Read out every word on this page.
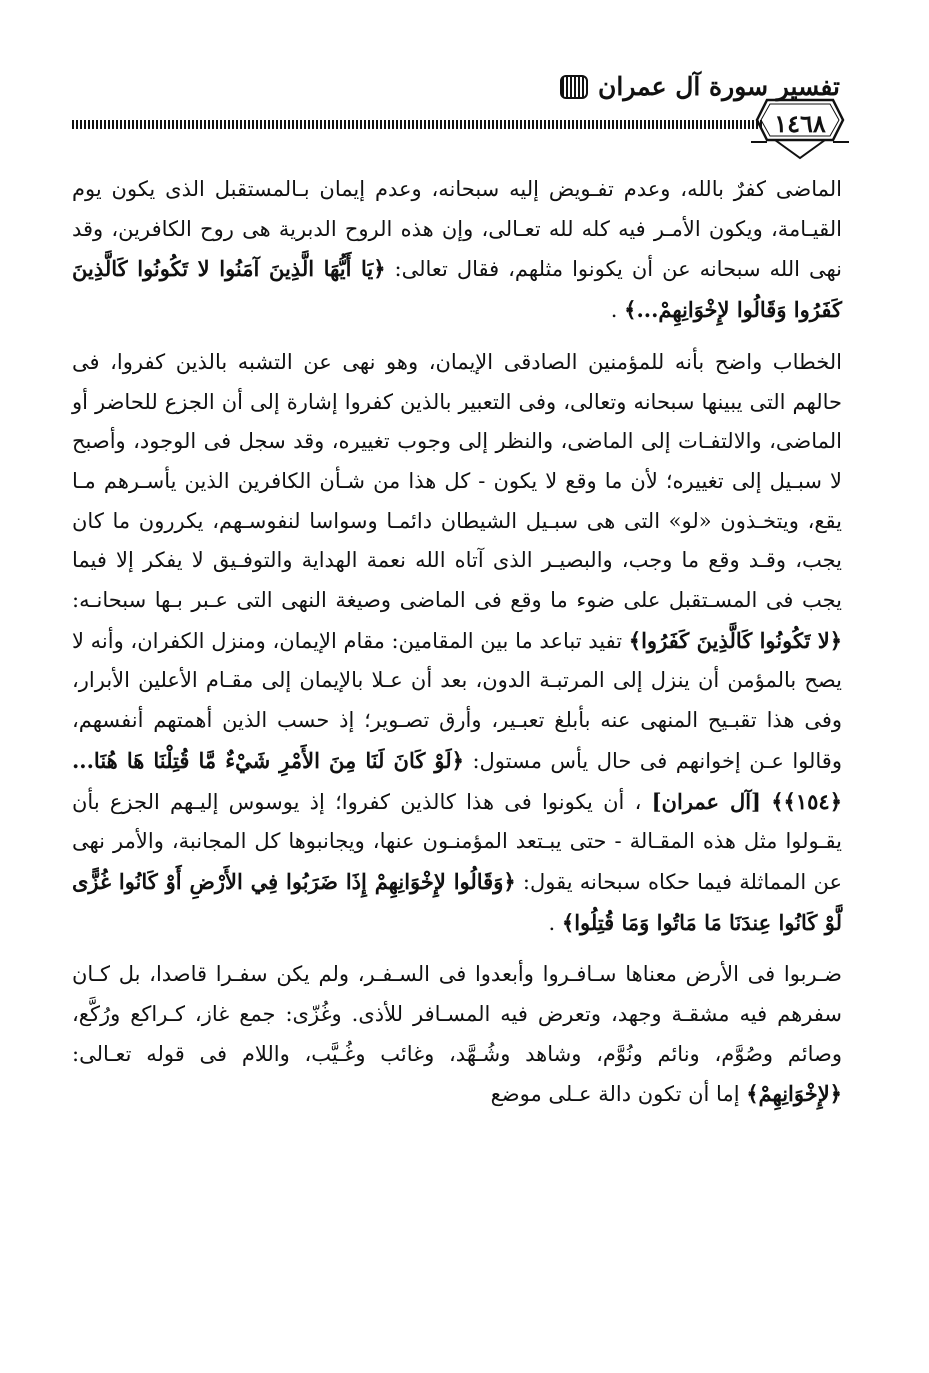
تفسير سورة آل عمران
١٤٦٨

الماضى كفرٌ بالله، وعدم تفـويض إليه سبحانه، وعدم إيمان بـالمستقبل الذى يكون يوم القيـامة، ويكون الأمـر فيه كله لله تعـالى، وإن هذه الروح الدبرية هى روح الكافرين، وقد نهى الله سبحانه عن أن يكونوا مثلهم، فقال تعالى: ﴿يَا أَيُّهَا الَّذِينَ آمَنُوا لا تَكُونُوا كَالَّذِينَ كَفَرُوا وَقَالُوا لإِخْوَانِهِمْ...﴾ .

الخطاب واضح بأنه للمؤمنين الصادقى الإيمان، وهو نهى عن التشبه بالذين كفروا، فى حالهم التى يبينها سبحانه وتعالى، وفى التعبير بالذين كفروا إشارة إلى أن الجزع للحاضر أو الماضى، والالتفـات إلى الماضى، والنظر إلى وجوب تغييره، وقد سجل فى الوجود، وأصبح لا سبـيل إلى تغييره؛ لأن ما وقع لا يكون - كل هذا من شـأن الكافرين الذين يأسـرهم مـا يقع، ويتخـذون «لو» التى هى سبـيل الشيطان دائمـا وسواسا لنفوسـهم، يكررون ما كان يجب، وقـد وقع ما وجب، والبصيـر الذى آتاه الله نعمة الهداية والتوفـيق لا يفكر إلا فيما يجب فى المسـتقبل على ضوء ما وقع فى الماضى وصيغة النهى التى عـبر بـها سبحانـه: ﴿لا تَكُونُوا كَالَّذِينَ كَفَرُوا﴾ تفيد تباعد ما بين المقامين: مقام الإيمان، ومنزل الكفران، وأنه لا يصح بالمؤمن أن ينزل إلى المرتبـة الدون، بعد أن عـلا بالإيمان إلى مقـام الأعلين الأبرار، وفى هذا تقبـيح المنهى عنه بأبلغ تعبـير، وأرق تصـوير؛ إذ حسب الذين أهمتهم أنفسهم، وقالوا عـن إخوانهم فى حال يأس مستول: ﴿لَوْ كَانَ لَنَا مِنَ الأَمْرِ شَيْءٌ مَّا قُتِلْنَا هَا هُنَا...﴿١٥٤﴾﴾ [آل عمران] ، أن يكونوا فى هذا كالذين كفروا؛ إذ يوسوس إليـهم الجزع بأن يقـولوا مثل هذه المقـالة - حتى يبـتعد المؤمنـون عنها، ويجانبوها كل المجانبة، والأمر نهى عن المماثلة فيما حكاه سبحانه يقول: ﴿وَقَالُوا لإِخْوَانِهِمْ إِذَا ضَرَبُوا فِي الأَرْضِ أَوْ كَانُوا غُزًّى لَّوْ كَانُوا عِندَنَا مَا مَاتُوا وَمَا قُتِلُوا﴾ .

ضـربوا فى الأرض معناها سـافـروا وأبعدوا فى السـفـر، ولم يكن سفـرا قاصدا، بل كـان سفرهم فيه مشقـة وجهد، وتعرض فيه المسـافر للأذى. وغُزّى: جمع غاز، كـراكع ورُكَّع، وصائم وصُوَّم، ونائم ونُوَّم، وشاهد وشُـهَّد، وغائب وغُـيَّب، واللام فى قوله تعـالى: ﴿لإِخْوَانِهِمْ﴾ إما أن تكون دالة عـلى موضع
